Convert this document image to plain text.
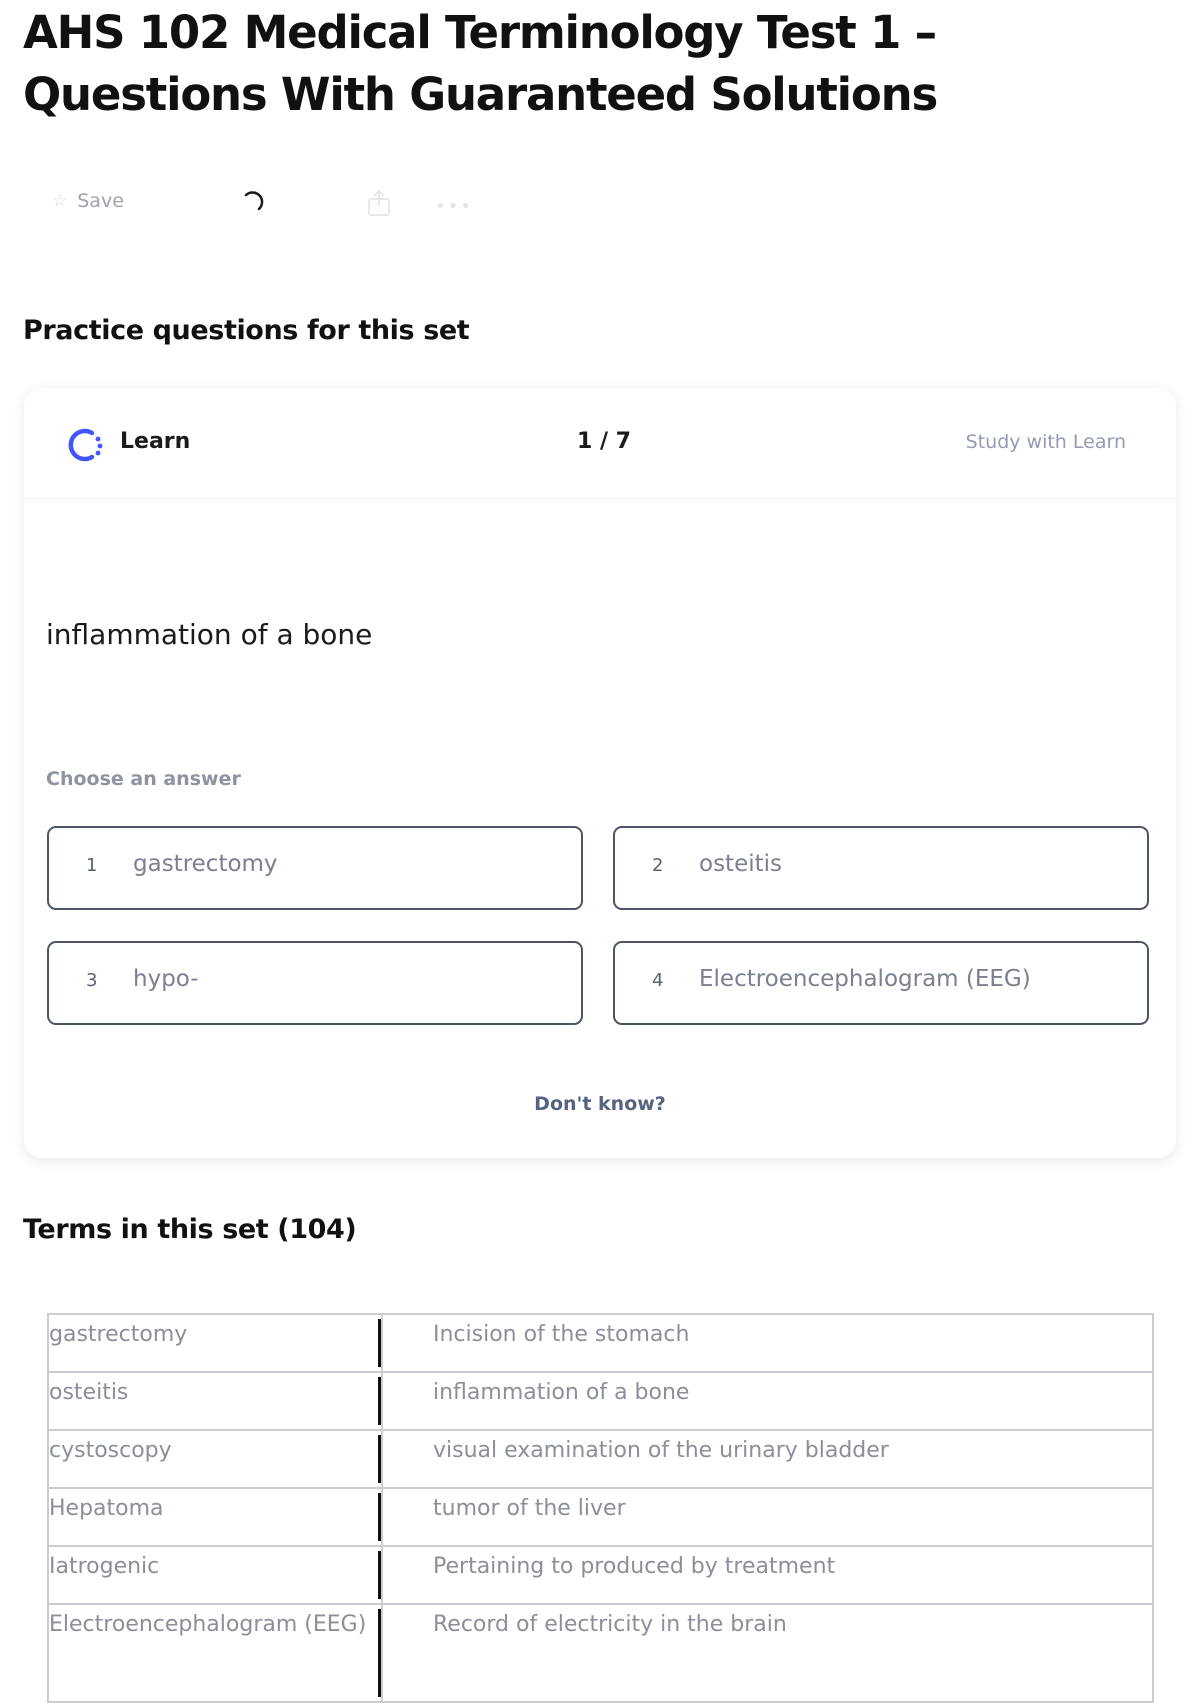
AHS 102 Medical Terminology Test 1 – Questions With Guaranteed Solutions
☆ Save	•••
Practice questions for this set
Learn	1 / 7	Study with Learn
inflammation of a bone
Choose an answer
1 gastrectomy	2 osteitis
3 hypo-	4 Electroencephalogram (EEG)
Don't know?
Terms in this set (104)
gastrectomy	Incision of the stomach
osteitis	inflammation of a bone
cystoscopy	visual examination of the urinary bladder
Hepatoma	tumor of the liver
Iatrogenic	Pertaining to produced by treatment
Electroencephalogram (EEG)	Record of electricity in the brain
